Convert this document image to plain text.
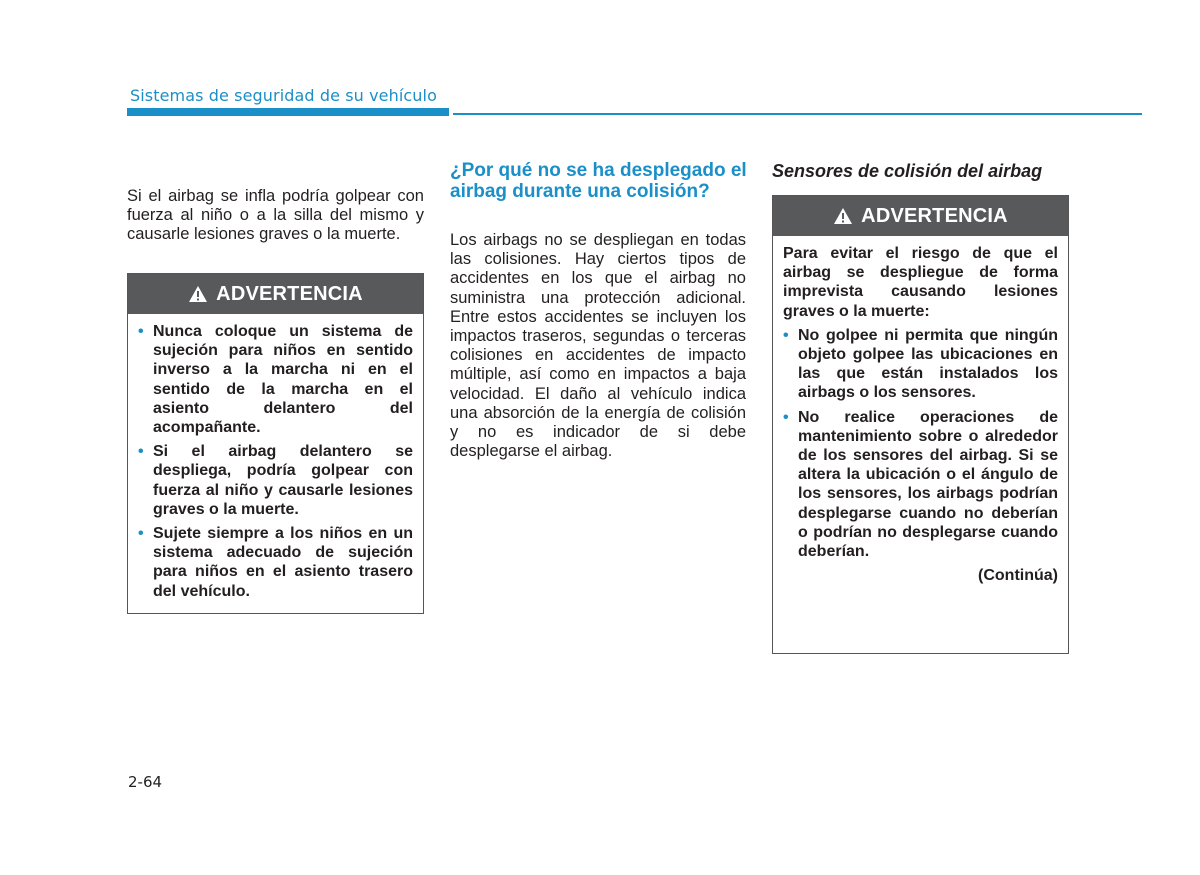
Sistemas de seguridad de su vehículo
Si el airbag se infla podría golpear con fuerza al niño o a la silla del mismo y causarle lesiones graves o la muerte.
ADVERTENCIA
• Nunca coloque un sistema de sujeción para niños en sentido inverso a la marcha ni en el sentido de la marcha en el asiento delantero del acompañante.
• Si el airbag delantero se despliega, podría golpear con fuerza al niño y causarle lesiones graves o la muerte.
• Sujete siempre a los niños en un sistema adecuado de sujeción para niños en el asiento trasero del vehículo.
¿Por qué no se ha desplegado el airbag durante una colisión?
Los airbags no se despliegan en todas las colisiones. Hay ciertos tipos de accidentes en los que el airbag no suministra una protección adicional. Entre estos accidentes se incluyen los impactos traseros, segundas o terceras colisiones en accidentes de impacto múltiple, así como en impactos a baja velocidad. El daño al vehículo indica una absorción de la energía de colisión y no es indicador de si debe desplegarse el airbag.
Sensores de colisión del airbag
ADVERTENCIA

Para evitar el riesgo de que el airbag se despliegue de forma imprevista causando lesiones graves o la muerte:

• No golpee ni permita que ningún objeto golpee las ubicaciones en las que están instalados los airbags o los sensores.
• No realice operaciones de mantenimiento sobre o alrededor de los sensores del airbag. Si se altera la ubicación o el ángulo de los sensores, los airbags podrían desplegarse cuando no deberían o podrían no desplegarse cuando deberían.
(Continúa)
2-64
